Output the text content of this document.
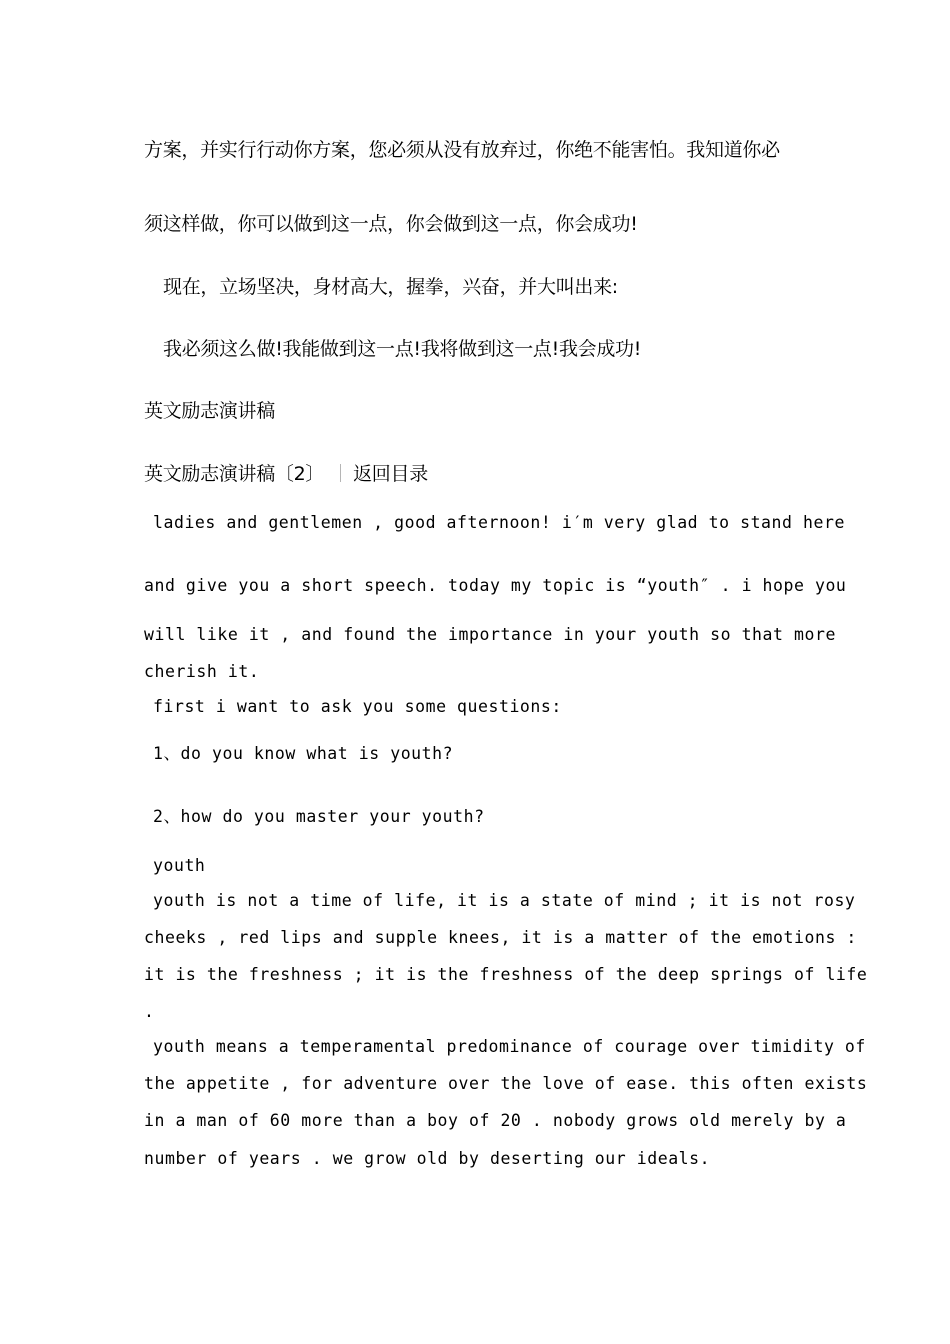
方案，并实行行动你方案，您必须从没有放弃过，你绝不能害怕。我知道你必
须这样做，你可以做到这一点，你会做到这一点，你会成功!
现在，立场坚决，身材高大，握拳，兴奋，并大叫出来:
我必须这么做!我能做到这一点!我将做到这一点!我会成功!
英文励志演讲稿
英文励志演讲稿〔2〕 返回目录
ladies and gentlemen , good afternoon! i′m very glad to stand here
and give you a short speech. today my topic is “youth″ . i hope you
will like it , and found the importance in your youth so that more
cherish it.
first i want to ask you some questions:
1、do you know what is youth?
2、how do you master your youth?
youth
youth is not a time of life, it is a state of mind ; it is not rosy
cheeks , red lips and supple knees, it is a matter of the emotions :
it is the freshness ; it is the freshness of the deep springs of life
.
youth means a temperamental predominance of courage over timidity of
the appetite , for adventure over the love of ease. this often exists
in a man of 60 more than a boy of 20 . nobody grows old merely by a
number of years . we grow old by deserting our ideals.
